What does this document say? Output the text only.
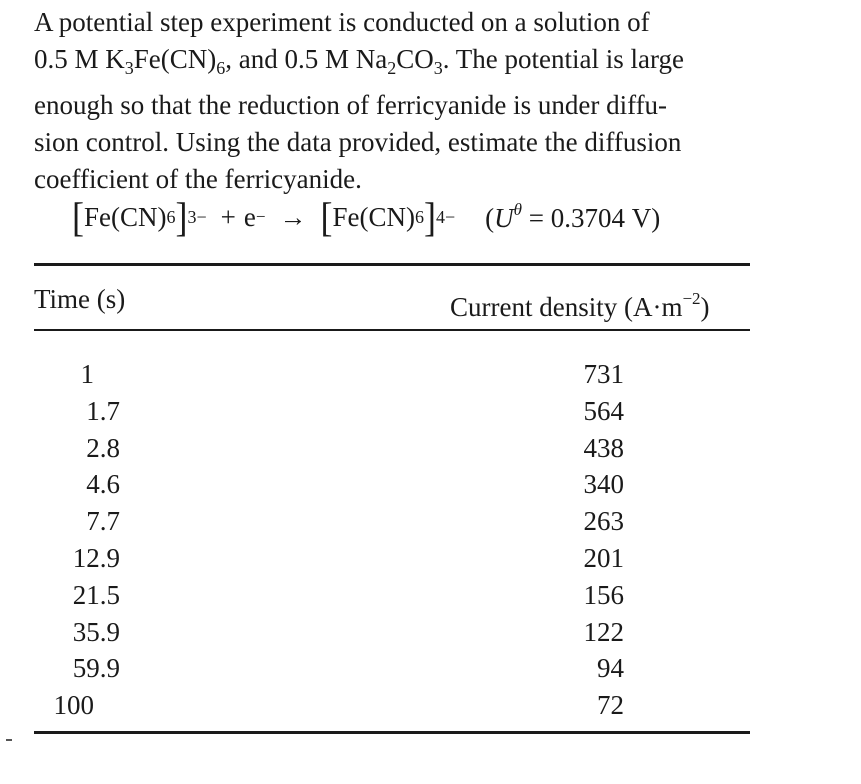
A potential step experiment is conducted on a solution of
0.5 M $K_3Fe(CN)_6$, and 0.5 M $Na_2CO_3$. The potential is large
enough so that the reduction of ferricyanide is under diffu-
sion control. Using the data provided, estimate the diffusion
coefficient of the ferricyanide.
[ Fe(CN) 6 ] 3− + e − → [ Fe(CN) 6 ] $4- (U^\theta = 0.3704$ V)
Time (s)	Current density $(A\cdot m^{-2})$
1
1.7
2.8
4.6
7.7
12.9
21.5
35.9
59.9
100
731
564
438
340
263
201
156
122
94
72
